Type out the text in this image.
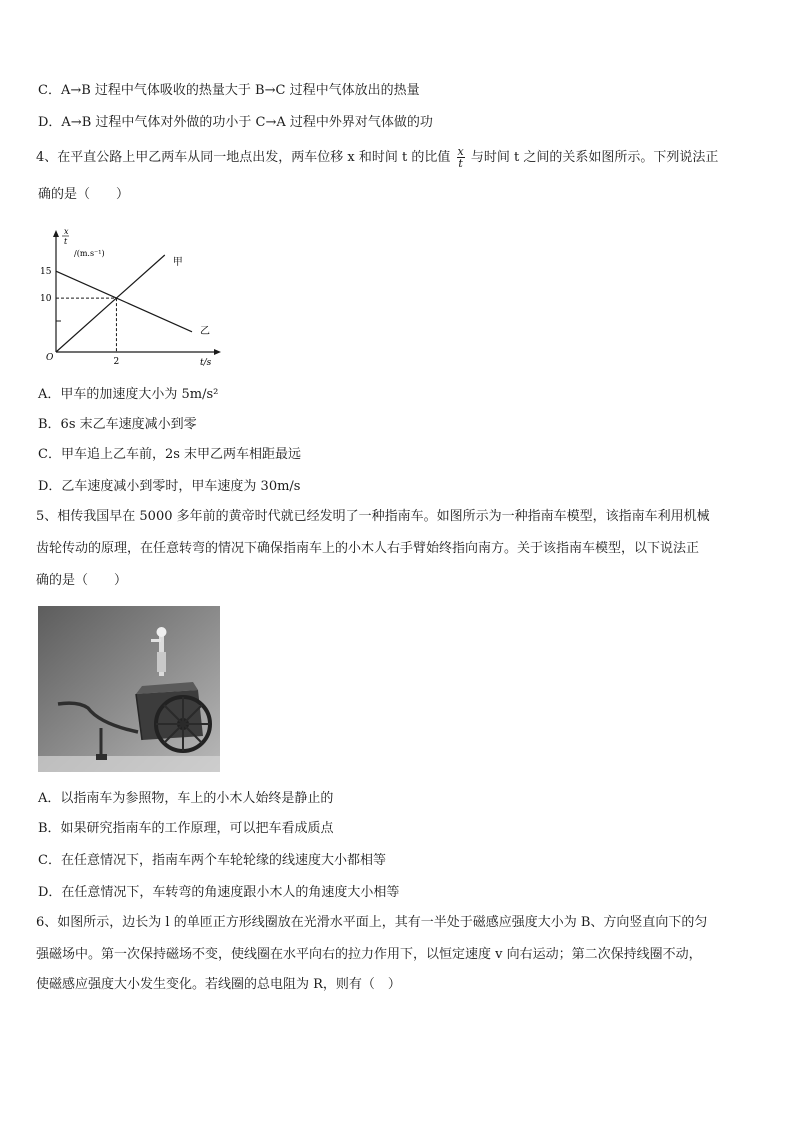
C．A→B 过程中气体吸收的热量大于 B→C 过程中气体放出的热量
D．A→B 过程中气体对外做的功小于 C→A 过程中外界对气体做的功
4、在平直公路上甲乙两车从同一地点出发，两车位移 x 和时间 t 的比值 $\frac{x}{t}$ 与时间 t 之间的关系如图所示。下列说法正
确的是（　　）
x
t
/(m.s⁻¹)
t/s
O
甲
乙
15
10
2
A．甲车的加速度大小为 5m/s²
B．6s 末乙车速度减小到零
C．甲车追上乙车前，2s 末甲乙两车相距最远
D．乙车速度减小到零时，甲车速度为 30m/s
5、相传我国早在 5000 多年前的黄帝时代就已经发明了一种指南车。如图所示为一种指南车模型，该指南车利用机械
齿轮传动的原理，在任意转弯的情况下确保指南车上的小木人右手臂始终指向南方。关于该指南车模型，以下说法正
确的是（　　）
A．以指南车为参照物，车上的小木人始终是静止的
B．如果研究指南车的工作原理，可以把车看成质点
C．在任意情况下，指南车两个车轮轮缘的线速度大小都相等
D．在任意情况下，车转弯的角速度跟小木人的角速度大小相等
6、如图所示，边长为 l 的单匝正方形线圈放在光滑水平面上，其有一半处于磁感应强度大小为 B、方向竖直向下的匀
强磁场中。第一次保持磁场不变，使线圈在水平向右的拉力作用下，以恒定速度 v 向右运动；第二次保持线圈不动，
使磁感应强度大小发生变化。若线圈的总电阻为 R，则有（　）
